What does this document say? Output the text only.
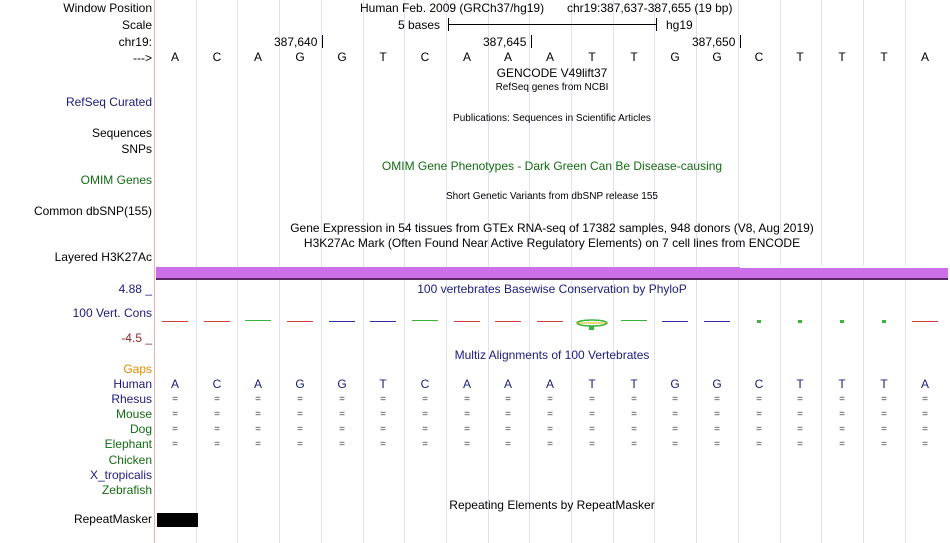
Window Position	Human Feb. 2009 (GRCh37/hg19) chr19:387,637-387,655 (19 bp)
Scale	5 bases	hg19
chr19:	387,640	387,645	387,650
---> A	C	A	G	G	T	C	A	A	A	T	T	G	G	C	T	T	T	A
GENCODE V49lift37
RefSeq genes from NCBI
RefSeq Curated
Publications: Sequences in Scientific Articles
Sequences
SNPs
OMIM Gene Phenotypes - Dark Green Can Be Disease-causing
OMIM Genes
Short Genetic Variants from dbSNP release 155
Common dbSNP(155)
Gene Expression in 54 tissues from GTEx RNA-seq of 17382 samples, 948 donors (V8, Aug 2019)
H3K27Ac Mark (Often Found Near Active Regulatory Elements) on 7 cell lines from ENCODE
Layered H3K27Ac
4.88 _	100 vertebrates Basewise Conservation by PhyloP
100 Vert. Cons
-4.5 _
Multiz Alignments of 100 Vertebrates
Gaps
Human A	C	A	G	G	T	C	A	A	A	T	T	G	G	C	T	T	T	A
Rhesus	=	=	=	=	=	=	=	=	=	=	=	=	=	=	=	=	=	=	=
Mouse	=	=	=	=	=	=	=	=	=	=	=	=	=	=	=	=	=	=	=
Dog	=	=	=	=	=	=	=	=	=	=	=	=	=	=	=	=	=	=	=
Elephant	=	=	=	=	=	=	=	=	=	=	=	=	=	=	=	=	=	=	=
Chicken
X_tropicalis
Zebrafish
Repeating Elements by RepeatMasker
RepeatMasker
